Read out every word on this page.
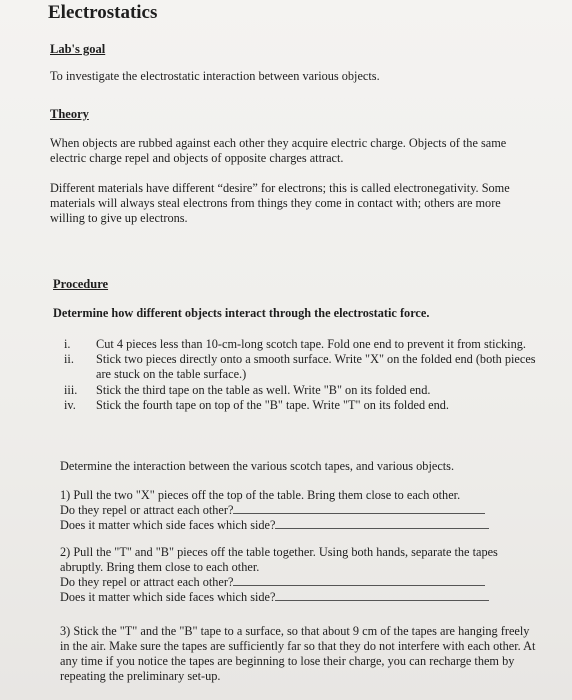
Electrostatics
Lab's goal
To investigate the electrostatic interaction between various objects.
Theory
When objects are rubbed against each other they acquire electric charge. Objects of the same
electric charge repel and objects of opposite charges attract.
Different materials have different “desire” for electrons; this is called electronegativity. Some
materials will always steal electrons from things they come in contact with; others are more
willing to give up electrons.
Procedure
Determine how different objects interact through the electrostatic force.
i.	Cut 4 pieces less than 10-cm-long scotch tape. Fold one end to prevent it from sticking.
ii.	Stick two pieces directly onto a smooth surface. Write "X" on the folded end (both pieces
are stuck on the table surface.)
iii.	Stick the third tape on the table as well. Write "B" on its folded end.
iv.	Stick the fourth tape on top of the "B" tape. Write "T" on its folded end.
Determine the interaction between the various scotch tapes, and various objects.
1) Pull the two "X" pieces off the top of the table. Bring them close to each other.
Do they repel or attract each other?
Does it matter which side faces which side?
2) Pull the "T" and "B" pieces off the table together. Using both hands, separate the tapes
abruptly. Bring them close to each other.
Do they repel or attract each other?
Does it matter which side faces which side?
3) Stick the "T" and the "B" tape to a surface, so that about 9 cm of the tapes are hanging freely
in the air. Make sure the tapes are sufficiently far so that they do not interfere with each other. At
any time if you notice the tapes are beginning to lose their charge, you can recharge them by
repeating the preliminary set-up.
